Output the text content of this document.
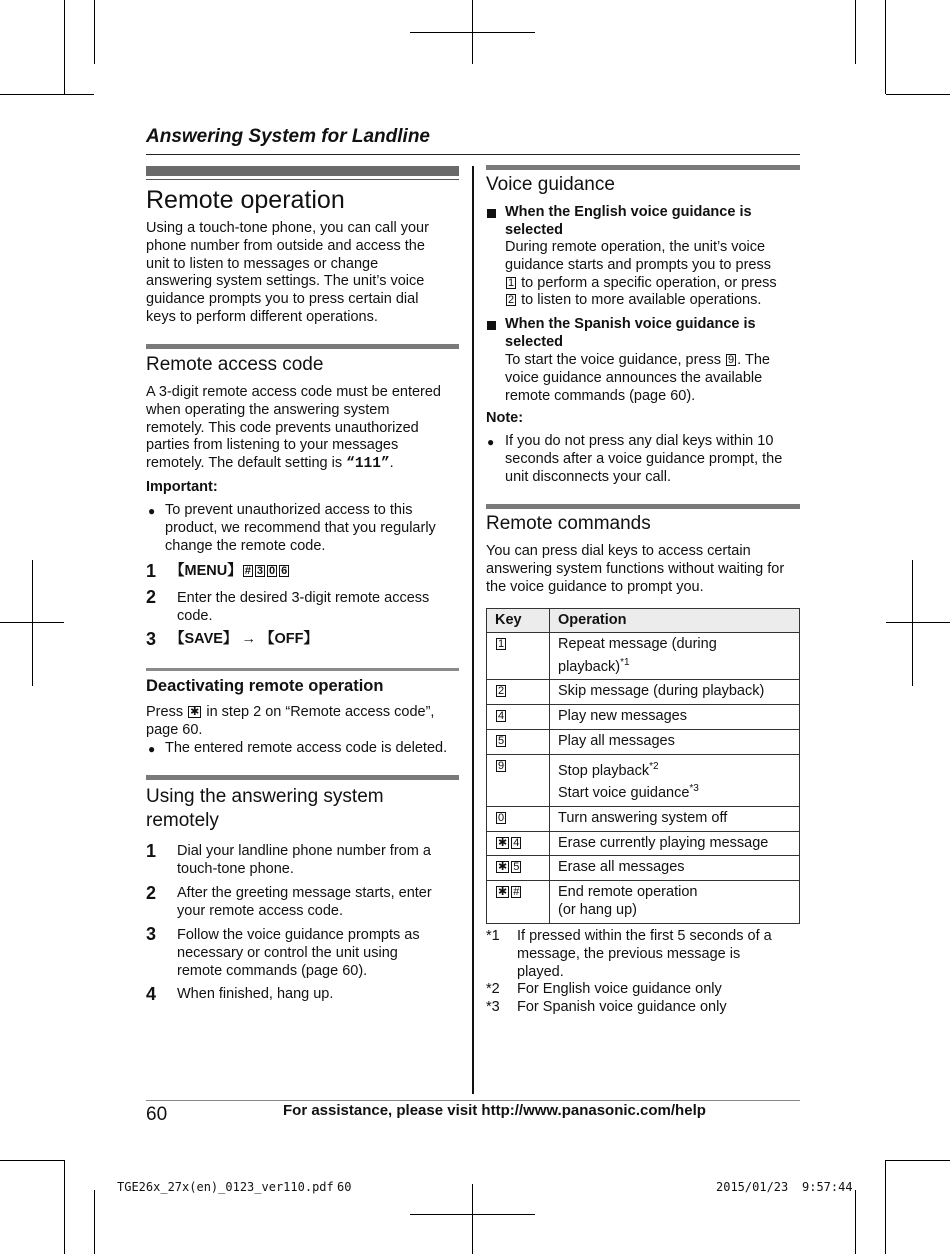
Answering System for Landline
Remote operation
Using a touch-tone phone, you can call your
phone number from outside and access the
unit to listen to messages or change
answering system settings. The unit’s voice
guidance prompts you to press certain dial
keys to perform different operations.
Remote access code
A 3-digit remote access code must be entered
when operating the answering system
remotely. This code prevents unauthorized
parties from listening to your messages
remotely. The default setting is “111”.
Important:
● To prevent unauthorized access to this
product, we recommend that you regularly
change the remote code.
1 【MENU】 # 3 0 6
2 Enter the desired 3-digit remote access
code.
3 【SAVE】 → 【OFF】
Deactivating remote operation
Press ✱ in step 2 on “Remote access code”,
page 60.
● The entered remote access code is deleted.
Using the answering system
remotely
1 Dial your landline phone number from a
touch-tone phone.
2 After the greeting message starts, enter
your remote access code.
3 Follow the voice guidance prompts as
necessary or control the unit using
remote commands (page 60).
4 When finished, hang up.
Voice guidance
When the English voice guidance is
selected
During remote operation, the unit’s voice
guidance starts and prompts you to press
1 to perform a specific operation, or press
2 to listen to more available operations.
When the Spanish voice guidance is
selected
To start the voice guidance, press 9 . The
voice guidance announces the available
remote commands (page 60).
Note:
● If you do not press any dial keys within 10
seconds after a voice guidance prompt, the
unit disconnects your call.
Remote commands
You can press dial keys to access certain
answering system functions without waiting for
the voice guidance to prompt you.
Key	Operation
1	Repeat message (during
playback)$^{*1}$

2	Skip message (during playback)
4	Play new messages
5	Play all messages
9	Stop playback$^{*2}$
Start voice guidance$^{*3}$

0	Turn answering system off
✱ 4	Erase currently playing message
✱ 5	Erase all messages
✱ #	End remote operation
(or hang up)
*1 If pressed within the first 5 seconds of a
message, the previous message is
played.
*2 For English voice guidance only
*3 For Spanish voice guidance only
60	For assistance, please visit http://www.panasonic.com/help
TGE26x_27x(en)_0123_ver110.pdf 60	2015/01/23 9:57:44
